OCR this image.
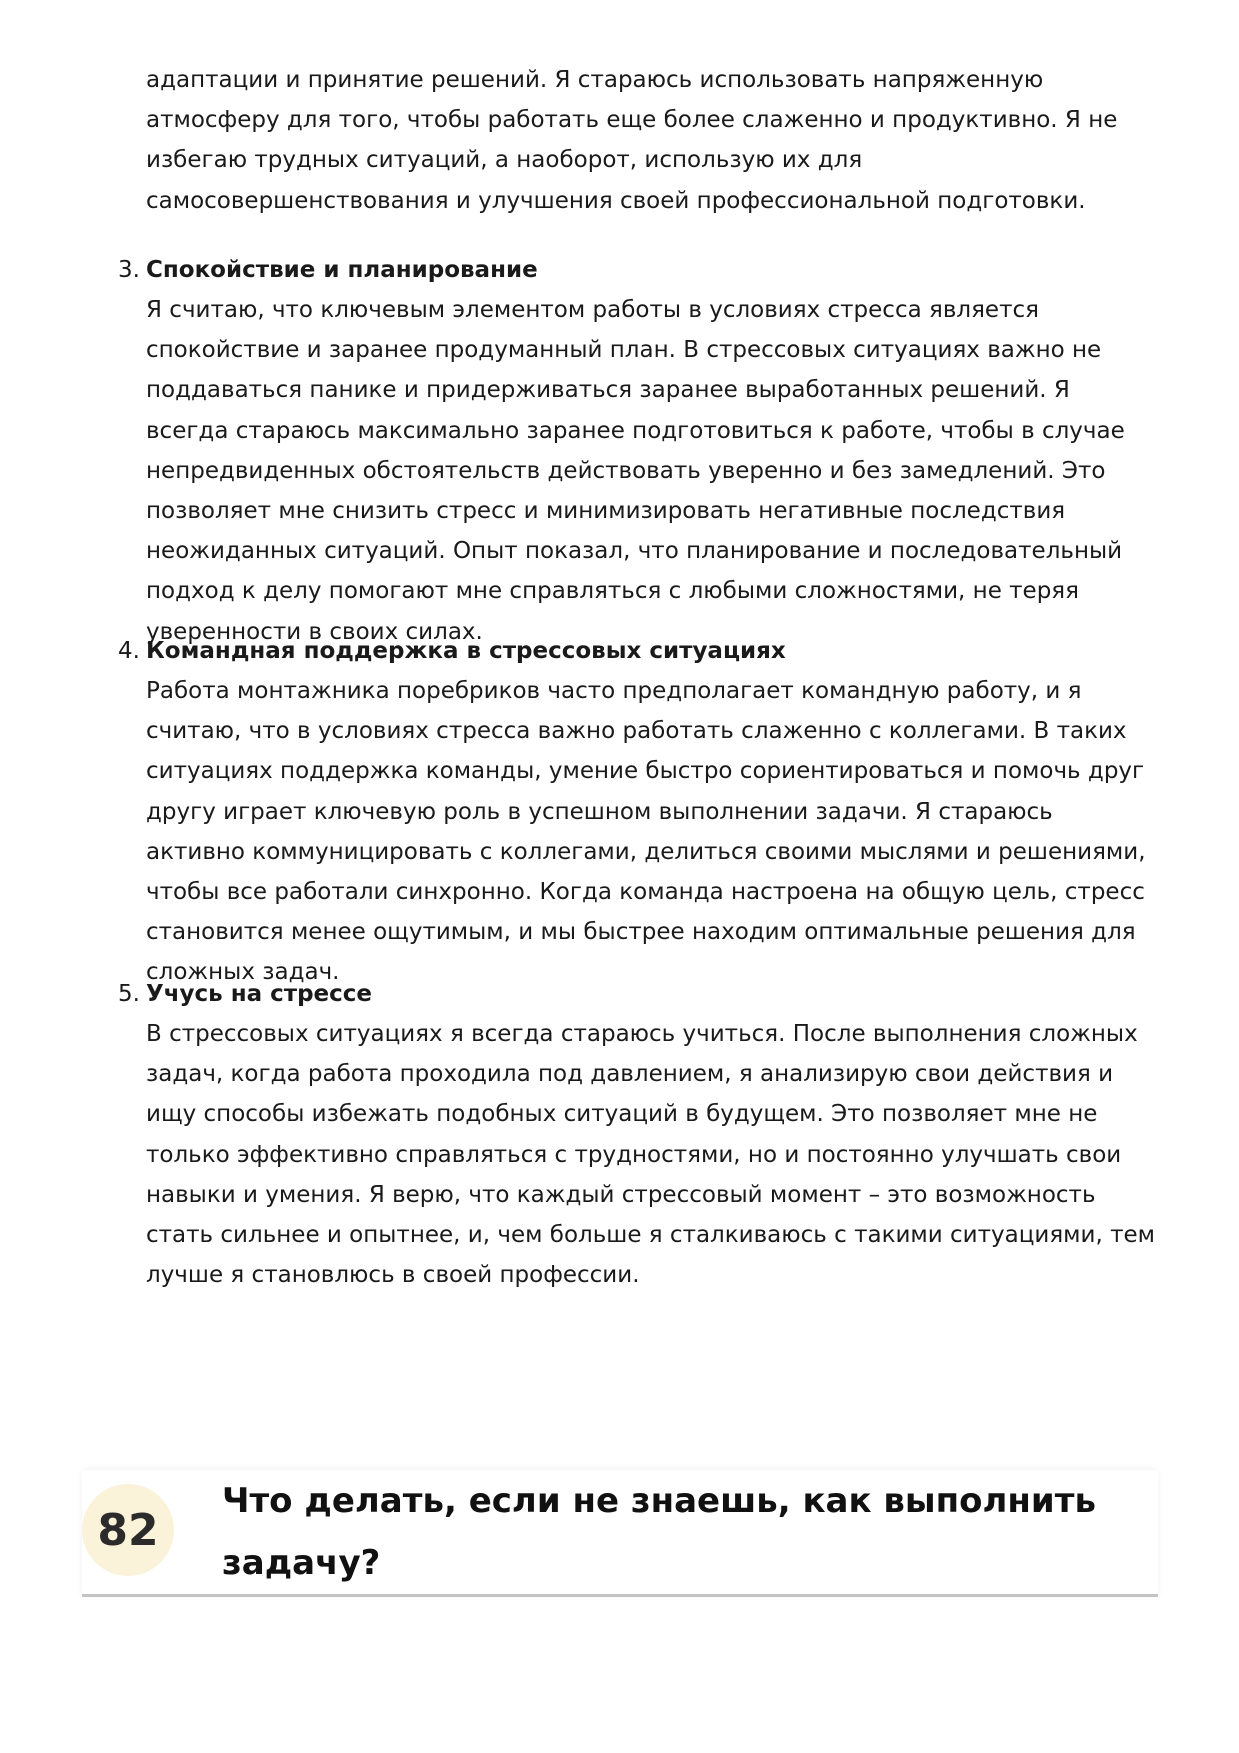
адаптации и принятие решений. Я стараюсь использовать напряженную атмосферу для того, чтобы работать еще более слаженно и продуктивно. Я не избегаю трудных ситуаций, а наоборот, использую их для самосовершенствования и улучшения своей профессиональной подготовки.

3. Спокойствие и планирование

Я считаю, что ключевым элементом работы в условиях стресса является спокойствие и заранее продуманный план. В стрессовых ситуациях важно не поддаваться панике и придерживаться заранее выработанных решений. Я всегда стараюсь максимально заранее подготовиться к работе, чтобы в случае непредвиденных обстоятельств действовать уверенно и без замедлений. Это позволяет мне снизить стресс и минимизировать негативные последствия неожиданных ситуаций. Опыт показал, что планирование и последовательный подход к делу помогают мне справляться с любыми сложностями, не теряя уверенности в своих силах.

4. Командная поддержка в стрессовых ситуациях

Работа монтажника поребриков часто предполагает командную работу, и я считаю, что в условиях стресса важно работать слаженно с коллегами. В таких ситуациях поддержка команды, умение быстро сориентироваться и помочь друг другу играет ключевую роль в успешном выполнении задачи. Я стараюсь активно коммуницировать с коллегами, делиться своими мыслями и решениями, чтобы все работали синхронно. Когда команда настроена на общую цель, стресс становится менее ощутимым, и мы быстрее находим оптимальные решения для сложных задач.

5. Учусь на стрессе

В стрессовых ситуациях я всегда стараюсь учиться. После выполнения сложных задач, когда работа проходила под давлением, я анализирую свои действия и ищу способы избежать подобных ситуаций в будущем. Это позволяет мне не только эффективно справляться с трудностями, но и постоянно улучшать свои навыки и умения. Я верю, что каждый стрессовый момент – это возможность стать сильнее и опытнее, и, чем больше я сталкиваюсь с такими ситуациями, тем лучше я становлюсь в своей профессии.

82
Что делать, если не знаешь, как выполнить задачу?
